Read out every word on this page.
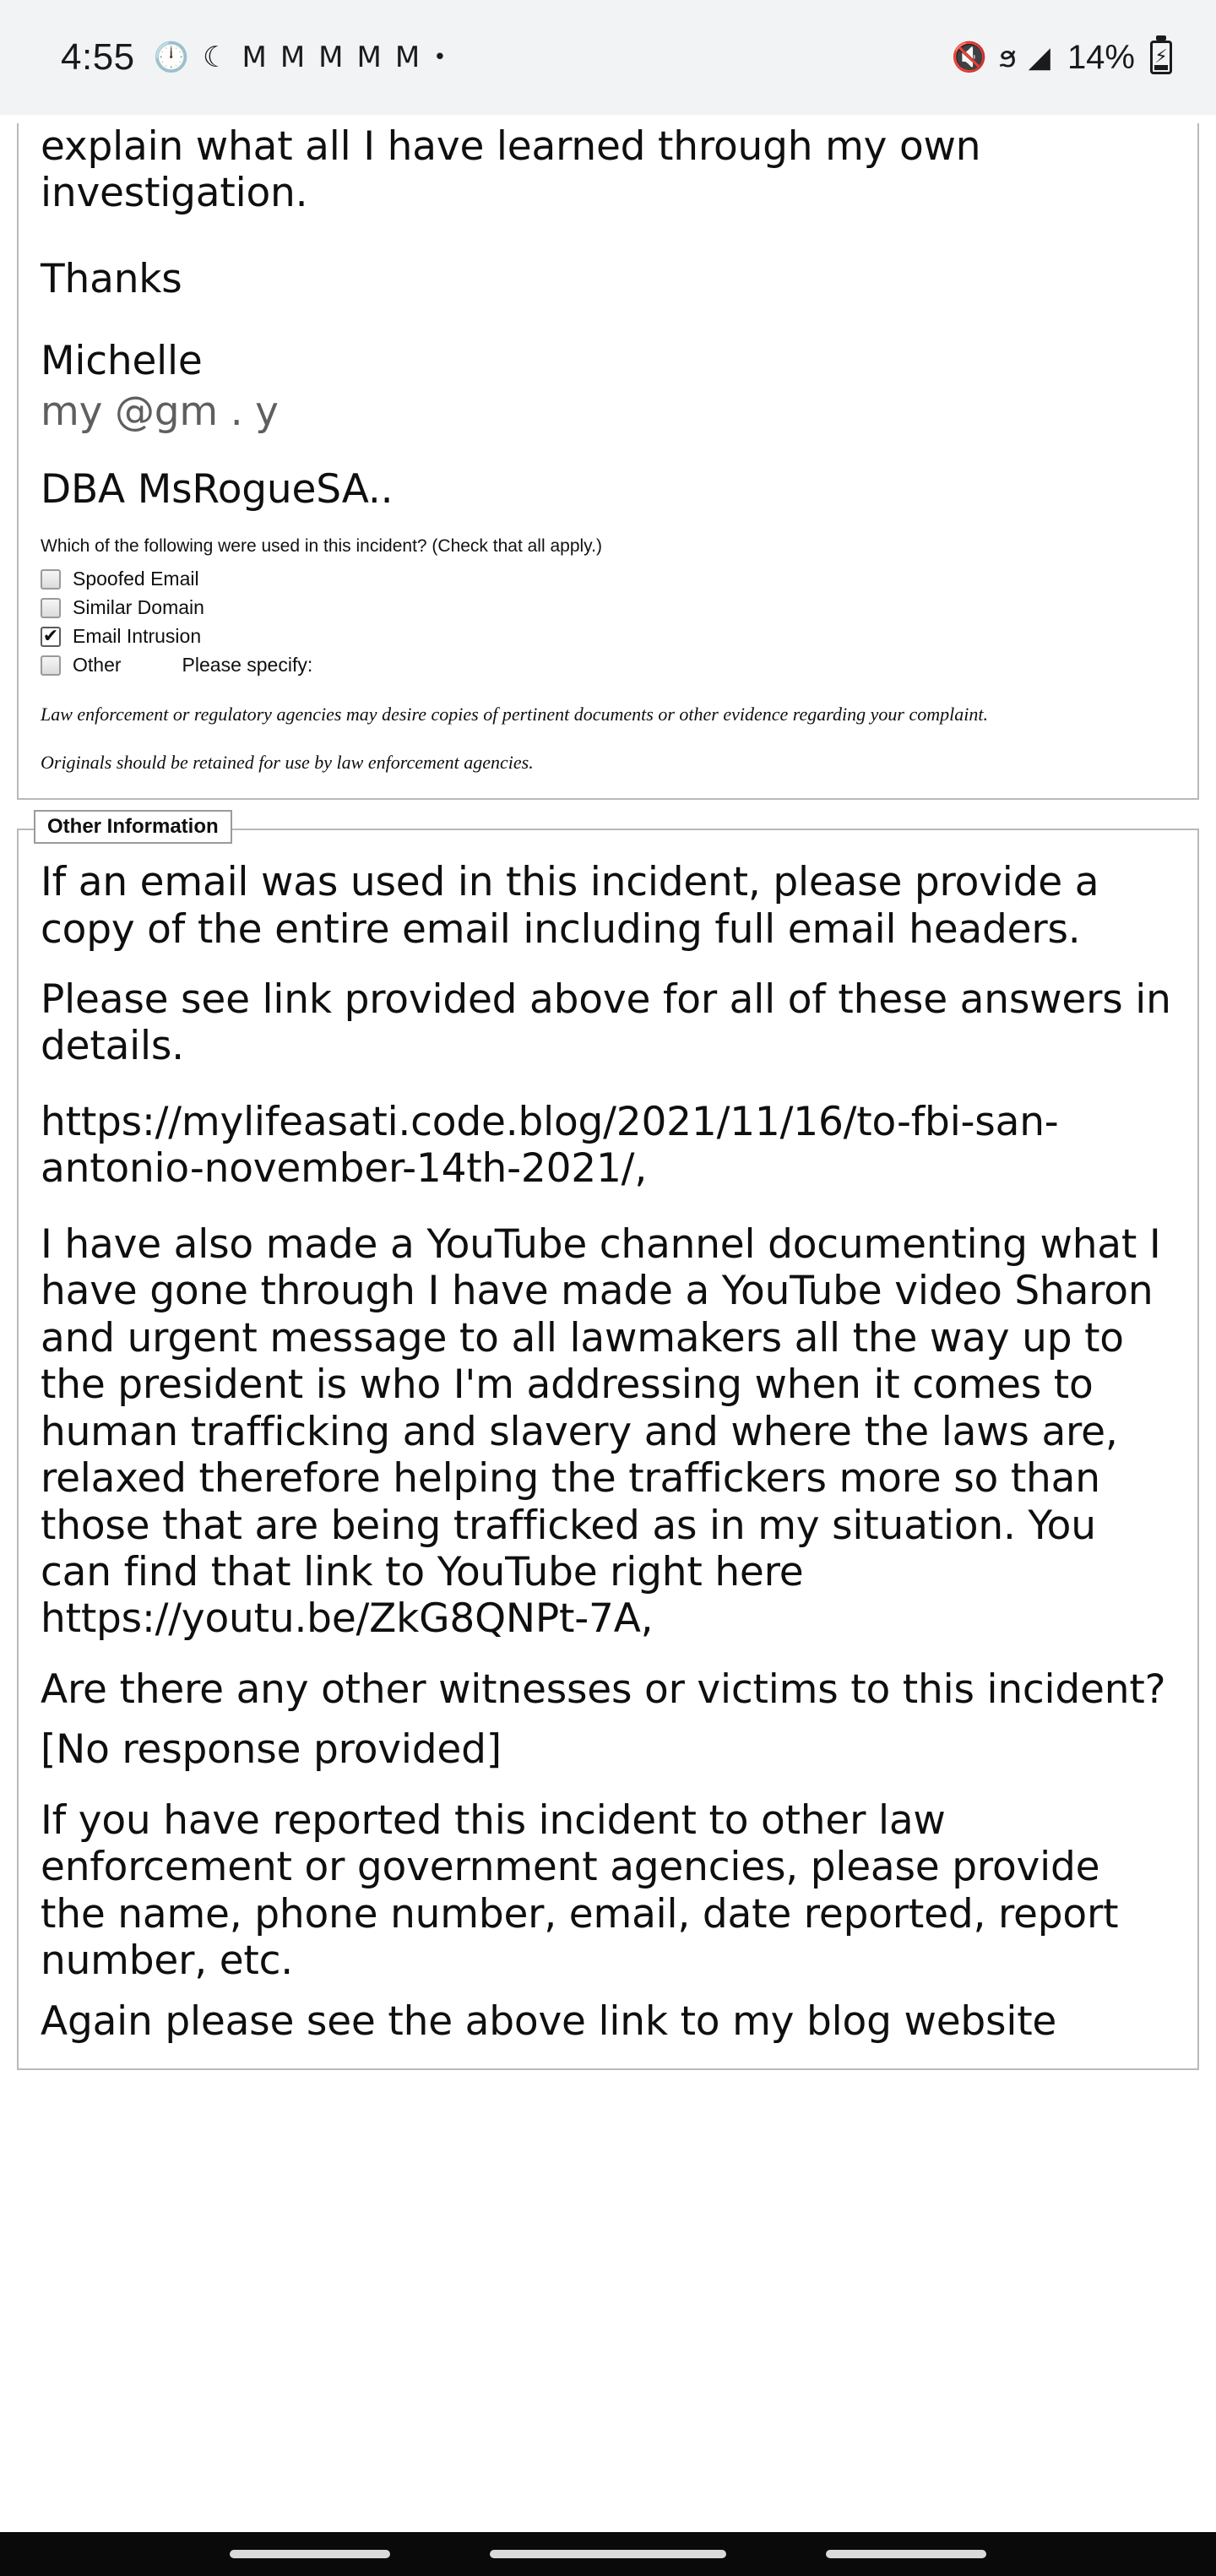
4:55 🕛 ☾ M M M M M •	🔇 ϧ ◢ 14% ⚡
explain what all I have learned through my own investigation.
Thanks
Michelle
my @gm . y
DBA MsRogueSA..
Which of the following were used in this incident? (Check that all apply.)
Spoofed Email
Similar Domain
✔
Email Intrusion
Other	Please specify:
Law enforcement or regulatory agencies may desire copies of pertinent documents or other evidence regarding your complaint.
Originals should be retained for use by law enforcement agencies.
Other Information
If an email was used in this incident, please provide a copy of the entire email including full email headers.
Please see link provided above for all of these answers in details.
https://mylifeasati.code.blog/2021/11/16/to-fbi-san-antonio-november-14th-2021/,
I have also made a YouTube channel documenting what I have gone through I have made a YouTube video Sharon and urgent message to all lawmakers all the way up to the president is who I'm addressing when it comes to human trafficking and slavery and where the laws are, relaxed therefore helping the traffickers more so than those that are being trafficked as in my situation. You can find that link to YouTube right here https://youtu.be/ZkG8QNPt-7A,
Are there any other witnesses or victims to this incident?
[No response provided]
If you have reported this incident to other law enforcement or government agencies, please provide the name, phone number, email, date reported, report number, etc.
Again please see the above link to my blog website
